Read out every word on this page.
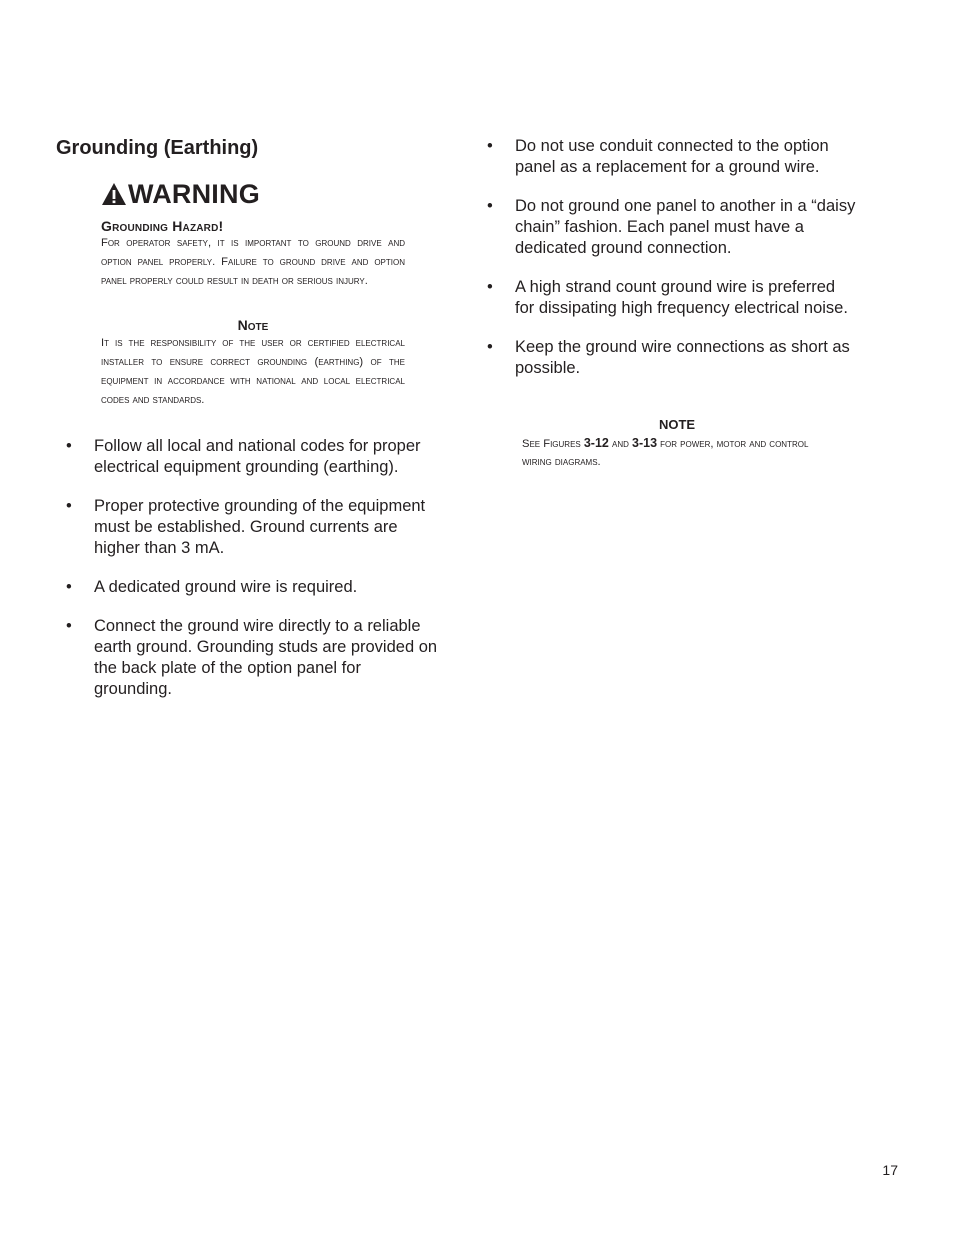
Grounding (Earthing)
WARNING
Grounding Hazard!
For operator safety, it is important to ground drive and option panel properly. Failure to ground drive and option panel properly could result in death or serious injury.
Note
It is the responsibility of the user or certified electrical installer to ensure correct grounding (earthing) of the equipment in accordance with national and local electrical codes and standards.
• Follow all local and national codes for proper electrical equipment grounding (earthing).
• Proper protective grounding of the equipment must be established. Ground currents are higher than 3 mA.
• A dedicated ground wire is required.
• Connect the ground wire directly to a reliable earth ground. Grounding studs are provided on the back plate of the option panel for grounding.
• Do not use conduit connected to the option panel as a replacement for a ground wire.
• Do not ground one panel to another in a “daisy chain” fashion. Each panel must have a dedicated ground connection.
• A high strand count ground wire is preferred for dissipating high frequency electrical noise.
• Keep the ground wire connections as short as possible.
NOTE
See Figures 3-12 and 3-13 for power, motor and control wiring diagrams.
17
